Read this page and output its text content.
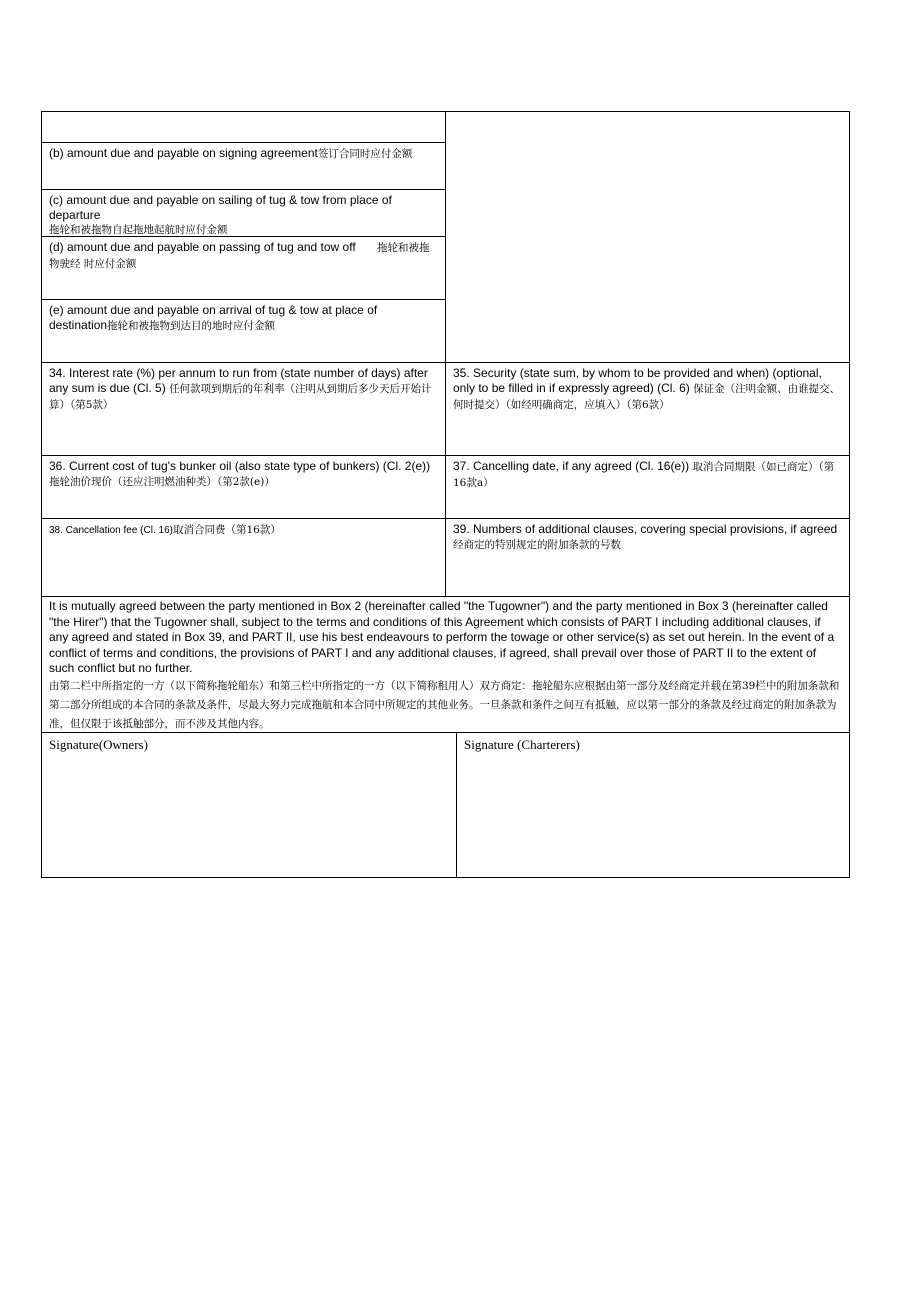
(b) amount due and payable on signing agreement签订合同时应付金额
(c) amount due and payable on sailing of tug & tow from place of departure
拖轮和被拖物自起拖地起航时应付金额
(d) amount due and payable on passing of tug and tow off 拖轮和被拖物驶经 时应付金额
(e) amount due and payable on arrival of tug & tow at place of destination拖轮和被拖物到达目的地时应付金额
34. Interest rate (%) per annum to run from (state number of days) after any sum is due (Cl. 5) 任何款项到期后的年利率（注明从到期后多少天后开始计算）（第5款）
35. Security (state sum, by whom to be provided and when) (optional, only to be filled in if expressly agreed) (Cl. 6) 保证金（注明金额、由谁提交、何时提交）（如经明确商定，应填入）（第6款）
36. Current cost of tug's bunker oil (also state type of bunkers) (Cl. 2(e))拖轮油价现价（还应注明燃油种类）（第2款(e)）
37. Cancelling date, if any agreed (Cl. 16(e)) 取消合同期限（如已商定）（第16款a）
38. Cancellation fee (Cl. 16)取消合同费（第16款）	39. Numbers of additional clauses, covering special provisions, if agreed 经商定的特别规定的附加条款的号数
It is mutually agreed between the party mentioned in Box 2 (hereinafter called "the Tugowner") and the party mentioned in Box 3 (hereinafter called "the Hirer") that the Tugowner shall, subject to the terms and conditions of this Agreement which consists of PART I including additional clauses, if any agreed and stated in Box 39, and PART II, use his best endeavours to perform the towage or other service(s) as set out herein. In the event of a conflict of terms and conditions, the provisions of PART I and any additional clauses, if agreed, shall prevail over those of PART II to the extent of such conflict but no further.
由第二栏中所指定的一方（以下简称拖轮船东）和第三栏中所指定的一方（以下简称租用人）双方商定：拖轮船东应根据由第一部分及经商定并载在第39栏中的附加条款和第二部分所组成的本合同的条款及条件，尽最大努力完成拖航和本合同中所规定的其他业务。一旦条款和条件之间互有抵触，应以第一部分的条款及经过商定的附加条款为准，但仅限于该抵触部分，而不涉及其他内容。
Signature(Owners)	Signature (Charterers)
